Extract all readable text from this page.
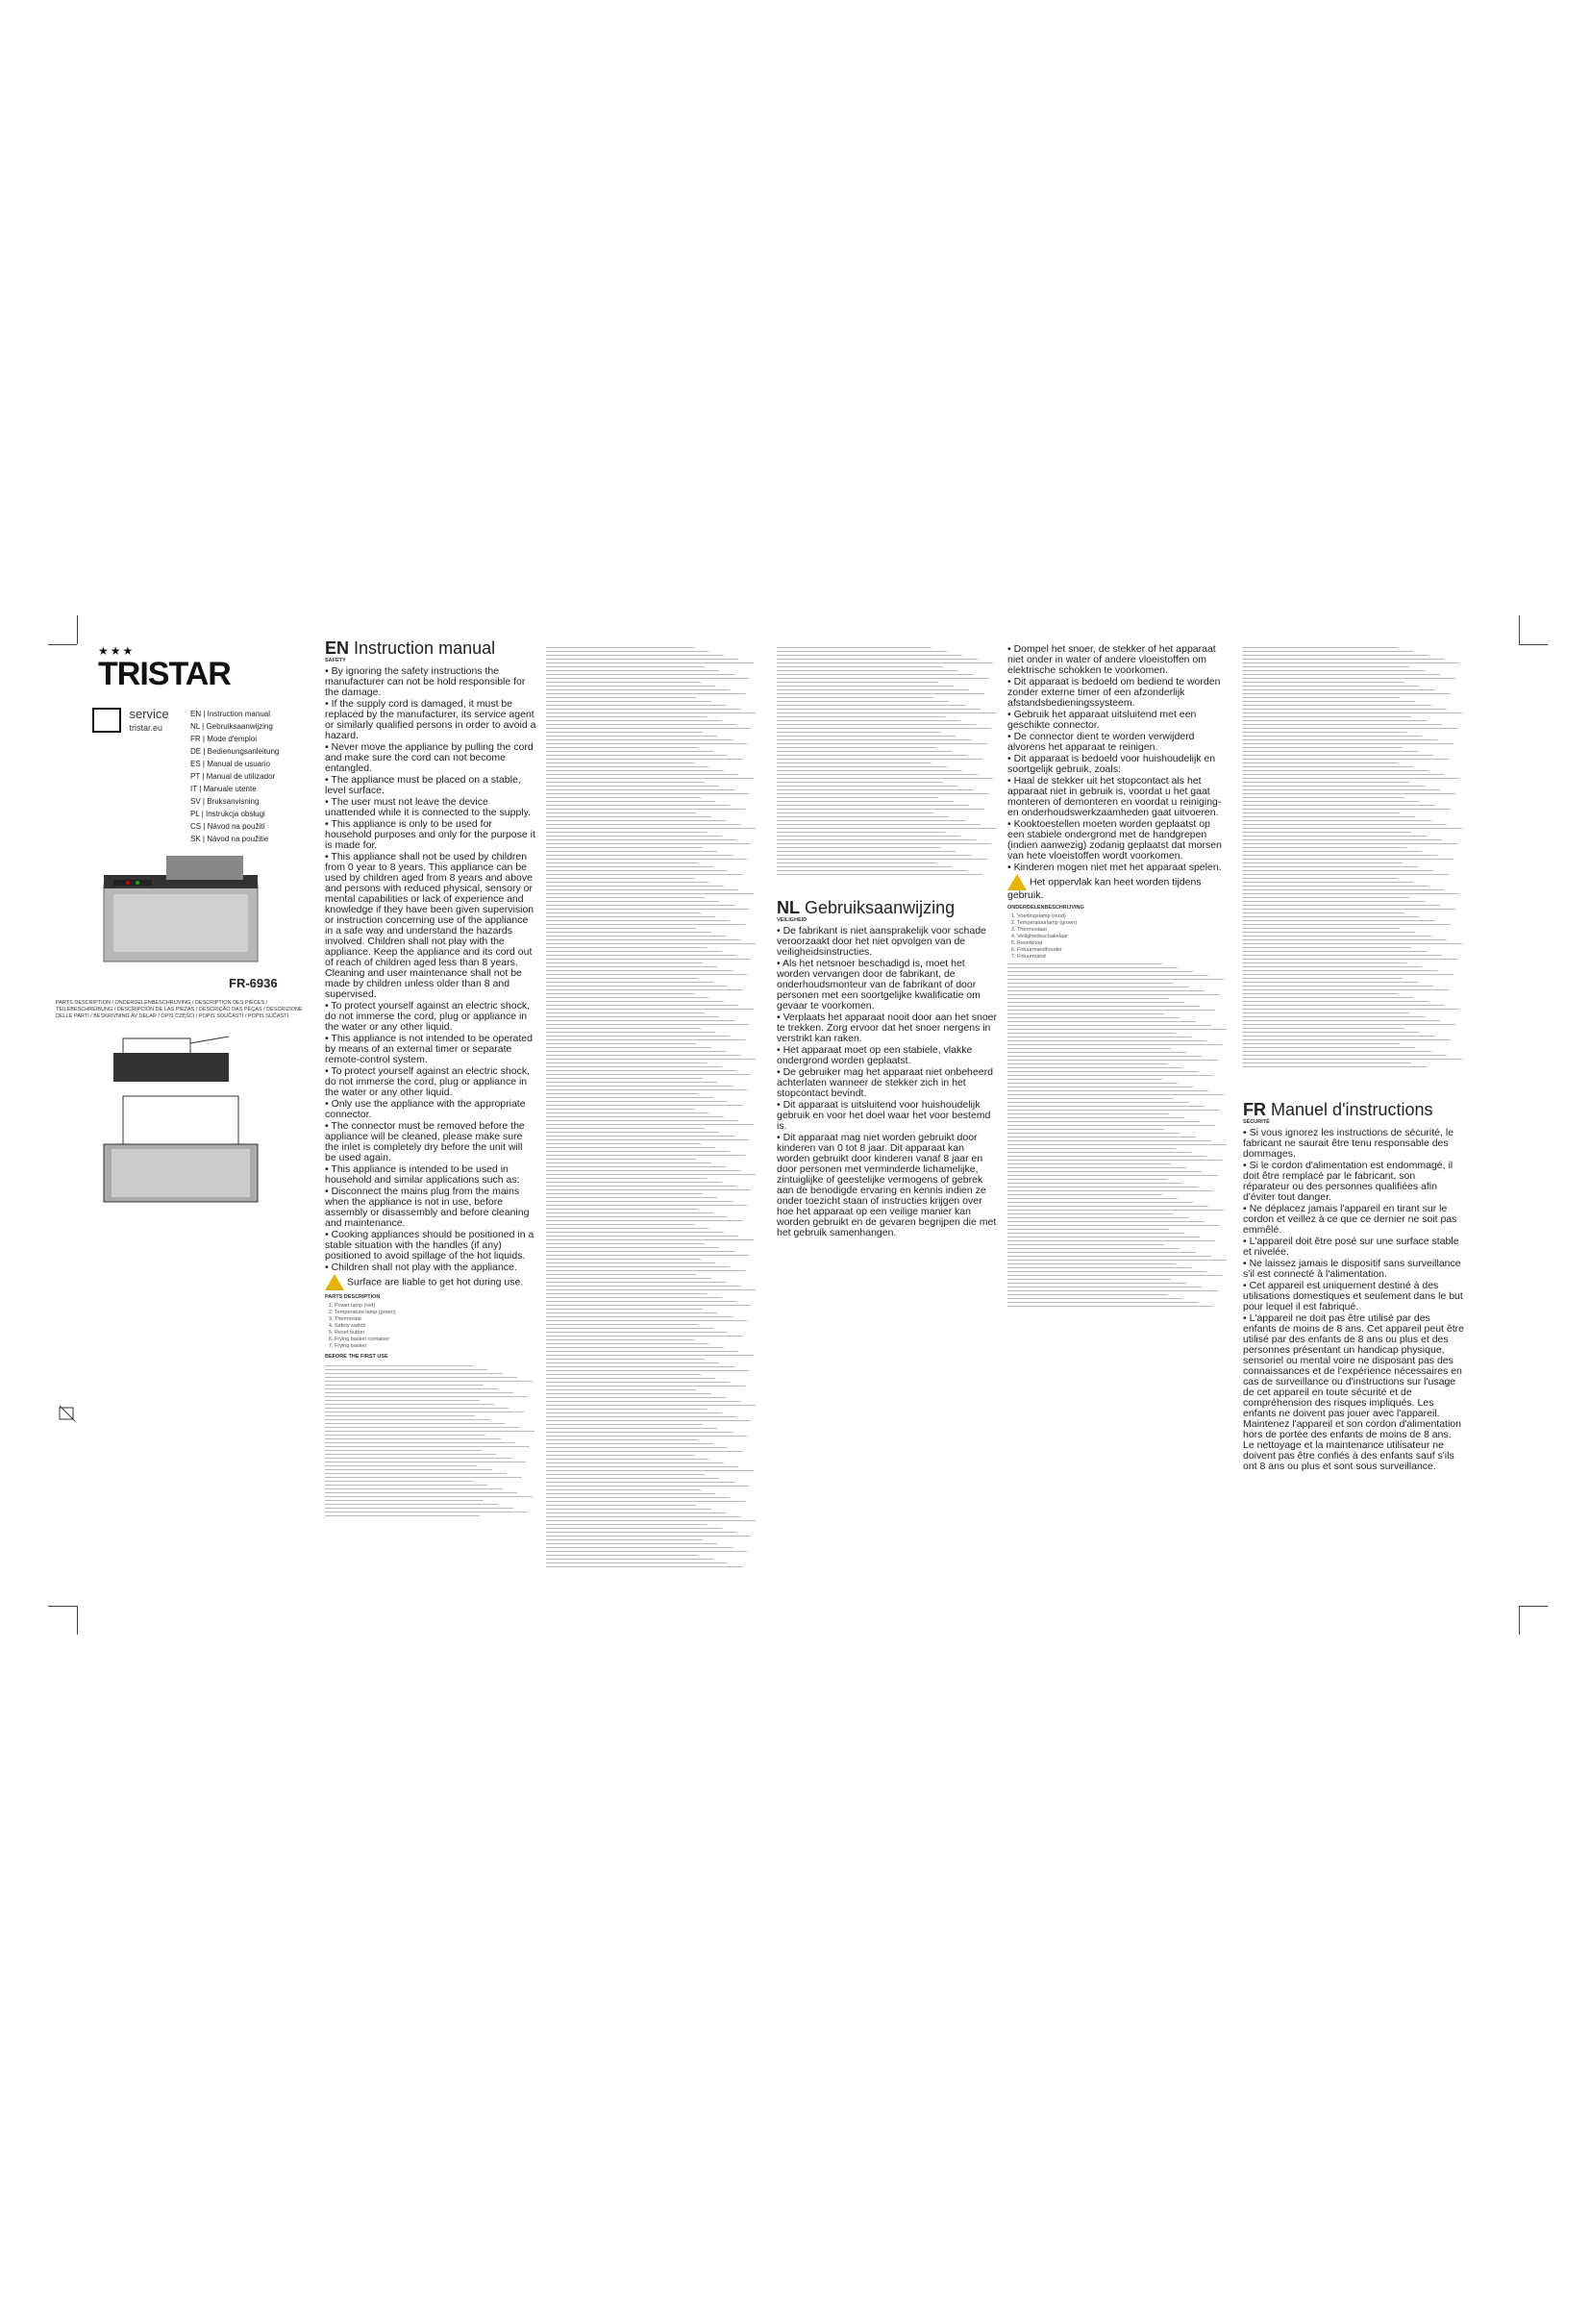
★★★
TRISTAR
service
tristar.eu
EN | Instruction manual
NL | Gebruiksaanwijzing
FR | Mode d'emploi
DE | Bedienungsanleitung
ES | Manual de usuario
PT | Manual de utilizador
IT | Manuale utente
SV | Bruksanvisning
PL | Instrukcja obsługi
CS | Návod na použití
SK | Návod na použitie
FR-6936
PARTS DESCRIPTION / ONDERDELENBESCHRIJVING / DESCRIPTION DES PIÈCES / TEILEBESCHREIBUNG / DESCRIPCIÓN DE LAS PIEZAS / DESCRIÇÃO DAS PEÇAS / DESCRIZIONE DELLE PARTI / BESKRIVNING AV DELAR / OPIS CZĘŚCI / POPIS SOUČÁSTÍ / POPIS SÚČASTÍ
EN Instruction manual
SAFETY

• By ignoring the safety instructions the manufacturer can not be hold responsible for the damage.

• If the supply cord is damaged, it must be replaced by the manufacturer, its service agent or similarly qualified persons in order to avoid a hazard.

• Never move the appliance by pulling the cord and make sure the cord can not become entangled.

• The appliance must be placed on a stable, level surface.

• The user must not leave the device unattended while it is connected to the supply.

• This appliance is only to be used for household purposes and only for the purpose it is made for.

• This appliance shall not be used by children from 0 year to 8 years. This appliance can be used by children aged from 8 years and above and persons with reduced physical, sensory or mental capabilities or lack of experience and knowledge if they have been given supervision or instruction concerning use of the appliance in a safe way and understand the hazards involved. Children shall not play with the appliance. Keep the appliance and its cord out of reach of children aged less than 8 years. Cleaning and user maintenance shall not be made by children unless older than 8 and supervised.

• To protect yourself against an electric shock, do not immerse the cord, plug or appliance in the water or any other liquid.

• This appliance is not intended to be operated by means of an external timer or separate remote-control system.

• To protect yourself against an electric shock, do not immerse the cord, plug or appliance in the water or any other liquid.

• Only use the appliance with the appropriate connector.

• The connector must be removed before the appliance will be cleaned, please make sure the inlet is completely dry before the unit will be used again.

• This appliance is intended to be used in household and similar applications such as:

• Disconnect the mains plug from the mains when the appliance is not in use, before assembly or disassembly and before cleaning and maintenance.

• Cooking appliances should be positioned in a stable situation with the handles (if any) positioned to avoid spillage of the hot liquids.

• Children shall not play with the appliance.

Surface are liable to get hot during use.

PARTS DESCRIPTION
1. Power lamp (red)
2. Temperature lamp (green)
3. Thermostat
4. Safety switch
5. Reset button
6. Frying basket container
7. Frying basket
BEFORE THE FIRST USE
NL Gebruiksaanwijzing
VEILIGHEID

• De fabrikant is niet aansprakelijk voor schade veroorzaakt door het niet opvolgen van de veiligheidsinstructies.

• Als het netsnoer beschadigd is, moet het worden vervangen door de fabrikant, de onderhoudsmonteur van de fabrikant of door personen met een soortgelijke kwalificatie om gevaar te voorkomen.

• Verplaats het apparaat nooit door aan het snoer te trekken. Zorg ervoor dat het snoer nergens in verstrikt kan raken.

• Het apparaat moet op een stabiele, vlakke ondergrond worden geplaatst.

• De gebruiker mag het apparaat niet onbeheerd achterlaten wanneer de stekker zich in het stopcontact bevindt.

• Dit apparaat is uitsluitend voor huishoudelijk gebruik en voor het doel waar het voor bestemd is.

• Dit apparaat mag niet worden gebruikt door kinderen van 0 tot 8 jaar. Dit apparaat kan worden gebruikt door kinderen vanaf 8 jaar en door personen met verminderde lichamelijke, zintuiglijke of geestelijke vermogens of gebrek aan de benodigde ervaring en kennis indien ze onder toezicht staan of instructies krijgen over hoe het apparaat op een veilige manier kan worden gebruikt en de gevaren begrijpen die met het gebruik samenhangen.

• Dompel het snoer, de stekker of het apparaat niet onder in water of andere vloeistoffen om elektrische schokken te voorkomen.

• Dit apparaat is bedoeld om bediend te worden zonder externe timer of een afzonderlijk afstandsbedieningssysteem.

• Gebruik het apparaat uitsluitend met een geschikte connector.

• De connector dient te worden verwijderd alvorens het apparaat te reinigen.

• Dit apparaat is bedoeld voor huishoudelijk en soortgelijk gebruik, zoals:

• Haal de stekker uit het stopcontact als het apparaat niet in gebruik is, voordat u het gaat monteren of demonteren en voordat u reiniging- en onderhoudswerkzaamheden gaat uitvoeren.

• Kooktoestellen moeten worden geplaatst op een stabiele ondergrond met de handgrepen (indien aanwezig) zodanig geplaatst dat morsen van hete vloeistoffen wordt voorkomen.

• Kinderen mogen niet met het apparaat spelen.

Het oppervlak kan heet worden tijdens gebruik.

ONDERDELENBESCHRIJVING
1. Voedingslamp (rood)
2. Temperatuurlamp (groen)
3. Thermostaat
4. Veiligheidsschakelaar
5. Resetknop
6. Frituurmandhouder
7. Frituurmand
FR Manuel d'instructions
SÉCURITÉ

• Si vous ignorez les instructions de sécurité, le fabricant ne saurait être tenu responsable des dommages.

• Si le cordon d'alimentation est endommagé, il doit être remplacé par le fabricant, son réparateur ou des personnes qualifiées afin d'éviter tout danger.

• Ne déplacez jamais l'appareil en tirant sur le cordon et veillez à ce que ce dernier ne soit pas emmêlé.

• L'appareil doit être posé sur une surface stable et nivelée.

• Ne laissez jamais le dispositif sans surveillance s'il est connecté à l'alimentation.

• Cet appareil est uniquement destiné à des utilisations domestiques et seulement dans le but pour lequel il est fabriqué.

• L'appareil ne doit pas être utilisé par des enfants de moins de 8 ans. Cet appareil peut être utilisé par des enfants de 8 ans ou plus et des personnes présentant un handicap physique, sensoriel ou mental voire ne disposant pas des connaissances et de l'expérience nécessaires en cas de surveillance ou d'instructions sur l'usage de cet appareil en toute sécurité et de compréhension des risques impliqués. Les enfants ne doivent pas jouer avec l'appareil. Maintenez l'appareil et son cordon d'alimentation hors de portée des enfants de moins de 8 ans. Le nettoyage et la maintenance utilisateur ne doivent pas être confiés à des enfants sauf s'ils ont 8 ans ou plus et sont sous surveillance.
